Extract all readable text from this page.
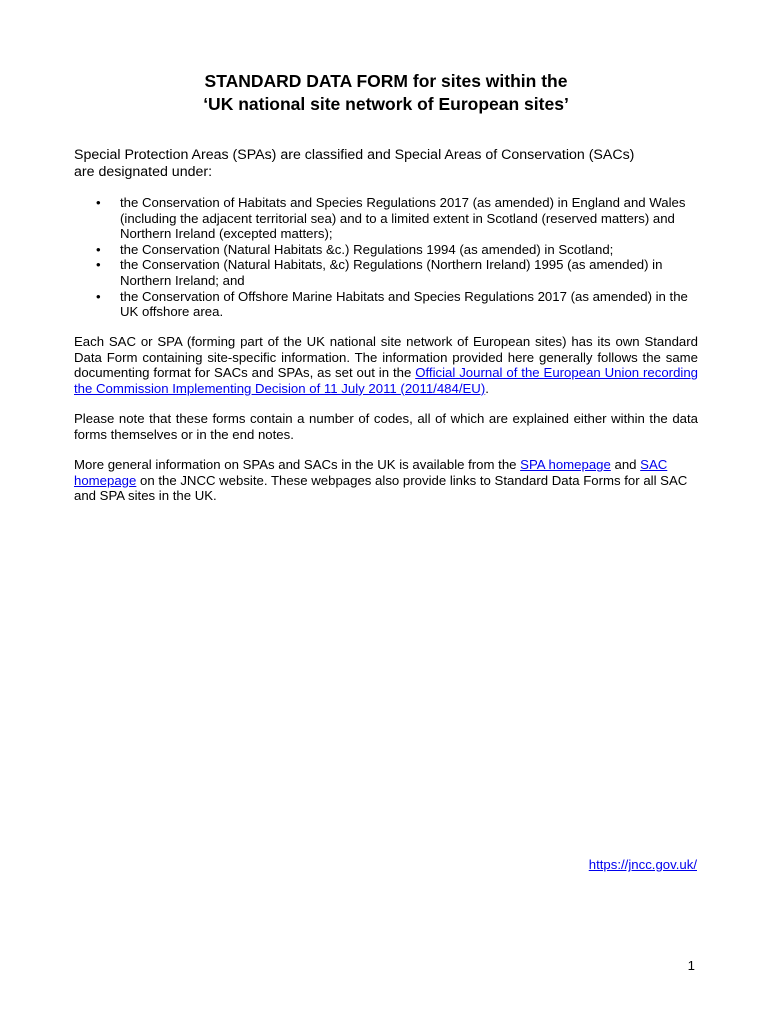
STANDARD DATA FORM for sites within the
‘UK national site network of European sites’
Special Protection Areas (SPAs) are classified and Special Areas of Conservation (SACs)
are designated under:
• the Conservation of Habitats and Species Regulations 2017 (as amended) in England and Wales (including the adjacent territorial sea) and to a limited extent in Scotland (reserved matters) and Northern Ireland (excepted matters);
• the Conservation (Natural Habitats &c.) Regulations 1994 (as amended) in Scotland;
• the Conservation (Natural Habitats, &c) Regulations (Northern Ireland) 1995 (as amended) in Northern Ireland; and
• the Conservation of Offshore Marine Habitats and Species Regulations 2017 (as amended) in the UK offshore area.

Each SAC or SPA (forming part of the UK national site network of European sites) has its own Standard Data Form containing site-specific information. The information provided here generally follows the same documenting format for SACs and SPAs, as set out in the Official Journal of the European Union recording the Commission Implementing Decision of 11 July 2011 (2011/484/EU).

Please note that these forms contain a number of codes, all of which are explained either within the data forms themselves or in the end notes.

More general information on SPAs and SACs in the UK is available from the SPA homepage and SAC homepage on the JNCC website. These webpages also provide links to Standard Data Forms for all SAC and SPA sites in the UK.

https://jncc.gov.uk/
1
